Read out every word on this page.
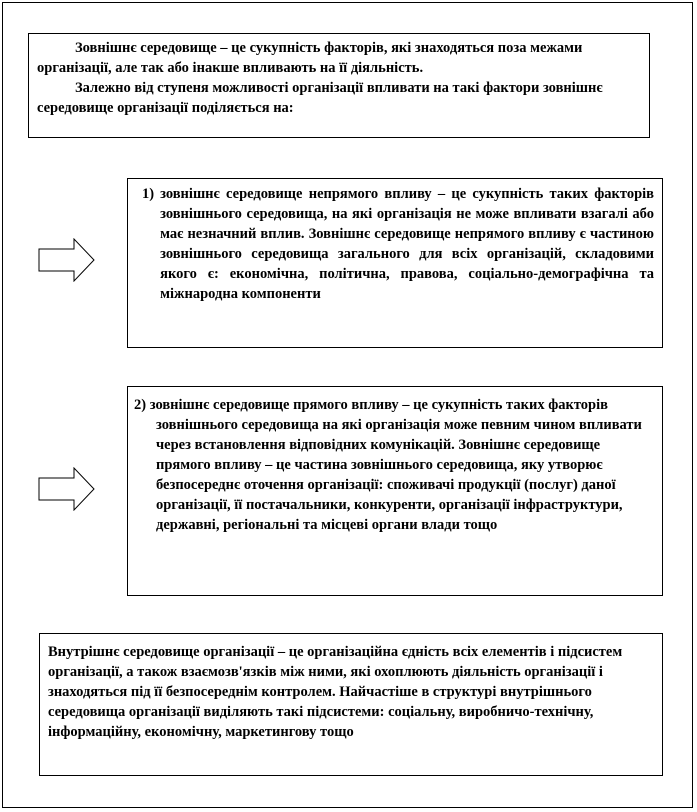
Зовнішнє середовище – це сукупність факторів, які знаходяться поза межами організації, але так або інакше впливають на її діяльність.

Залежно від ступеня можливості організації впливати на такі фактори зовнішнє середовище організації поділяється на:

1) зовнішнє середовище непрямого впливу – це сукупність таких факторів зовнішнього середовища, на які організація не може впливати взагалі або має незначний вплив. Зовнішнє середовище непрямого впливу є частиною зовнішнього середовища загального для всіх організацій, складовими якого є: економічна, політична, правова, соціально-демографічна та міжнародна компоненти

2) зовнішнє середовище прямого впливу – це сукупність таких факторів зовнішнього середовища на які організація може певним чином впливати через встановлення відповідних комунікацій. Зовнішнє середовище прямого впливу – це частина зовнішнього середовища, яку утворює безпосереднє оточення організації: споживачі продукції (послуг) даної організації, її постачальники, конкуренти, організації інфраструктури, державні, регіональні та місцеві органи влади тощо

Внутрішнє середовище організації – це організаційна єдність всіх елементів і підсистем організації, а також взаємозв'язків між ними, які охоплюють діяльність організації і знаходяться під її безпосереднім контролем. Найчастіше в структурі внутрішнього середовища організації виділяють такі підсистеми: соціальну, виробничо-технічну, інформаційну, економічну, маркетингову тощо
